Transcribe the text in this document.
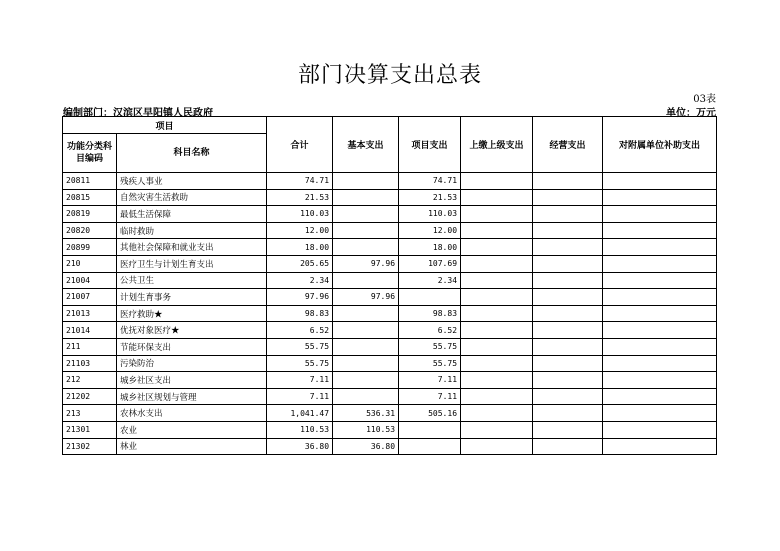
部门决算支出总表
03表
编制部门：汉滨区早阳镇人民政府	单位：万元
项目		合计	基本支出	项目支出	上缴上级支出	经营支出	对附属单位补助支出
功能分类科目编码	科目名称						
20811	残疾人事业	74.71		74.71			
20815	自然灾害生活救助	21.53		21.53			
20819	最低生活保障	110.03		110.03			
20820	临时救助	12.00		12.00			
20899	其他社会保障和就业支出	18.00		18.00			
210	医疗卫生与计划生育支出	205.65	97.96	107.69			
21004	公共卫生	2.34		2.34			
21007	计划生育事务	97.96	97.96				
21013	医疗救助★	98.83		98.83			
21014	优抚对象医疗★	6.52		6.52			
211	节能环保支出	55.75		55.75			
21103	污染防治	55.75		55.75			
212	城乡社区支出	7.11		7.11			
21202	城乡社区规划与管理	7.11		7.11			
213	农林水支出	1,041.47	536.31	505.16			
21301	农业	110.53	110.53				
21302	林业	36.80	36.80				
